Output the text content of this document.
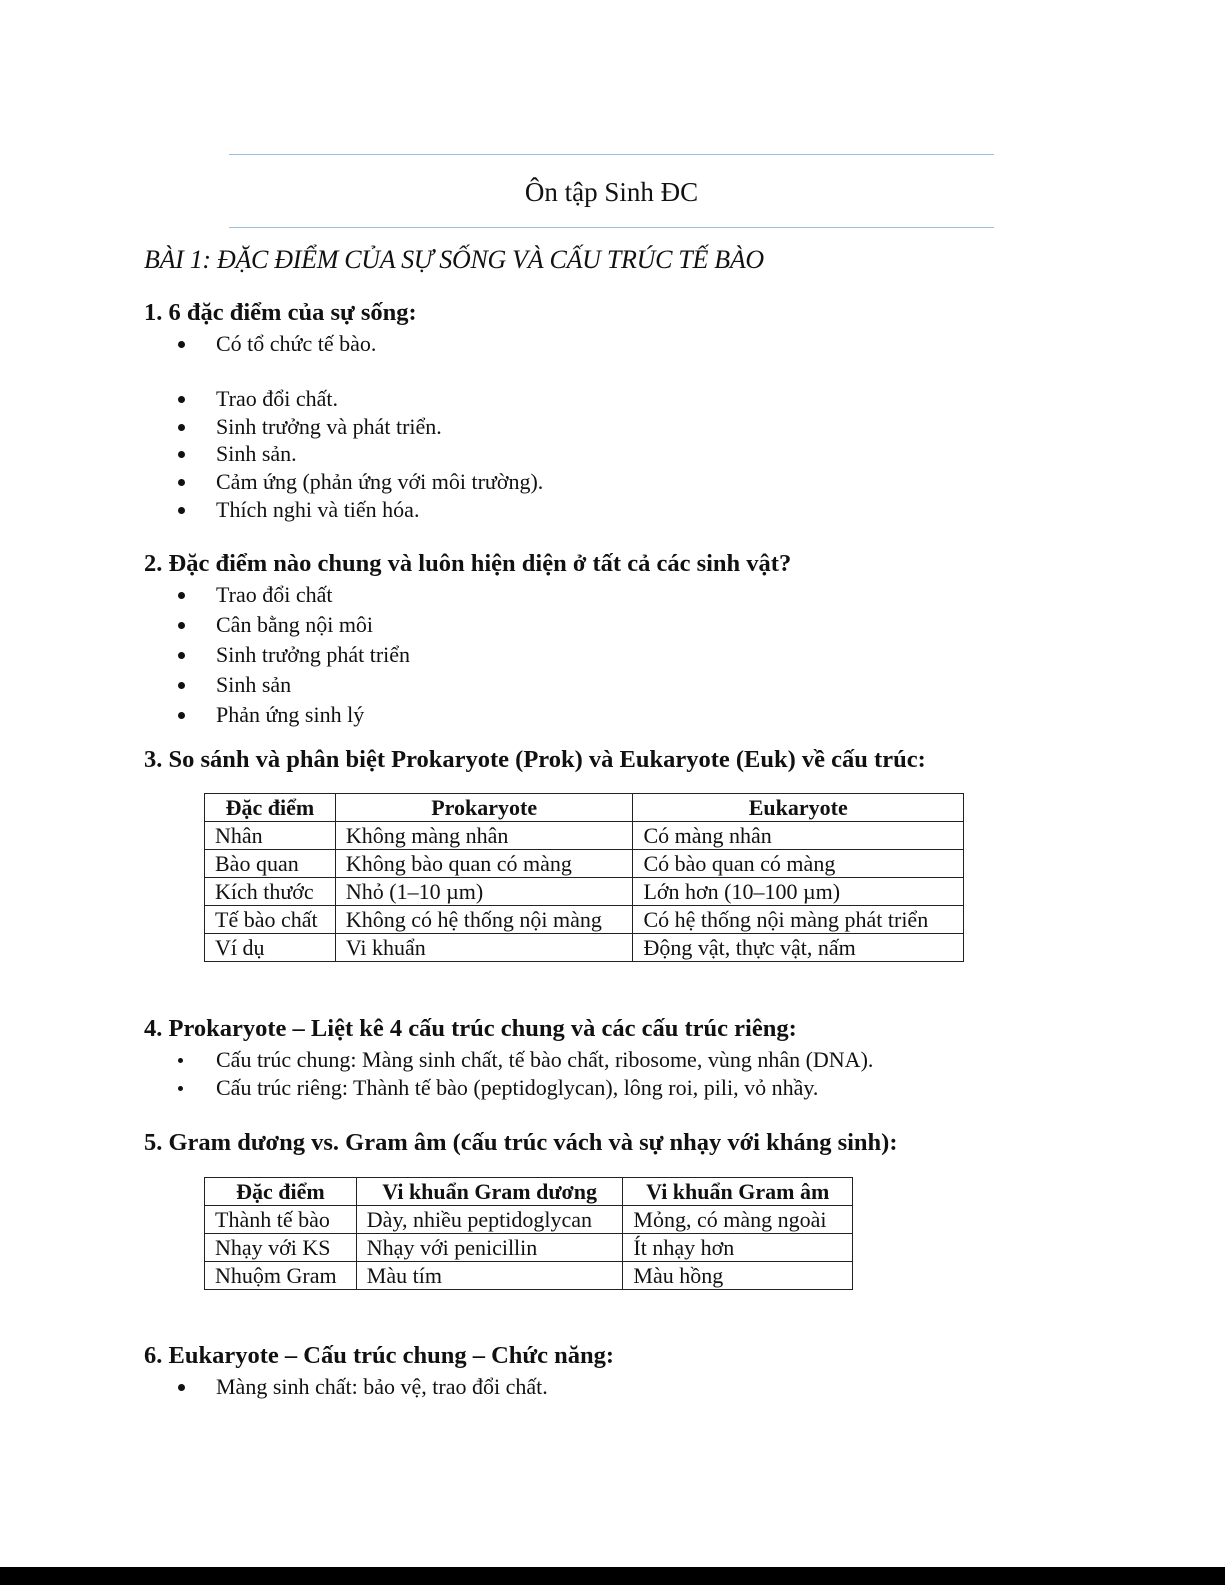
Ôn tập Sinh ĐC
BÀI 1: ĐẶC ĐIỂM CỦA SỰ SỐNG VÀ CẤU TRÚC TẾ BÀO
1. 6 đặc điểm của sự sống:
Có tổ chức tế bào.
Trao đổi chất.
Sinh trưởng và phát triển.
Sinh sản.
Cảm ứng (phản ứng với môi trường).
Thích nghi và tiến hóa.
2. Đặc điểm nào chung và luôn hiện diện ở tất cả các sinh vật?
Trao đổi chất
Cân bằng nội môi
Sinh trưởng phát triển
Sinh sản
Phản ứng sinh lý
3. So sánh và phân biệt Prokaryote (Prok) và Eukaryote (Euk) về cấu trúc:
Đặc điểm	Prokaryote	Eukaryote
Nhân	Không màng nhân	Có màng nhân
Bào quan	Không bào quan có màng	Có bào quan có màng
Kích thước	Nhỏ (1–10 µm)	Lớn hơn (10–100 µm)
Tế bào chất	Không có hệ thống nội màng	Có hệ thống nội màng phát triển
Ví dụ	Vi khuẩn	Động vật, thực vật, nấm
4. Prokaryote – Liệt kê 4 cấu trúc chung và các cấu trúc riêng:
Cấu trúc chung: Màng sinh chất, tế bào chất, ribosome, vùng nhân (DNA).
Cấu trúc riêng: Thành tế bào (peptidoglycan), lông roi, pili, vỏ nhầy.
5. Gram dương vs. Gram âm (cấu trúc vách và sự nhạy với kháng sinh):
Đặc điểm	Vi khuẩn Gram dương	Vi khuẩn Gram âm
Thành tế bào	Dày, nhiều peptidoglycan	Mỏng, có màng ngoài
Nhạy với KS	Nhạy với penicillin	Ít nhạy hơn
Nhuộm Gram	Màu tím	Màu hồng
6. Eukaryote – Cấu trúc chung – Chức năng:
Màng sinh chất: bảo vệ, trao đổi chất.
